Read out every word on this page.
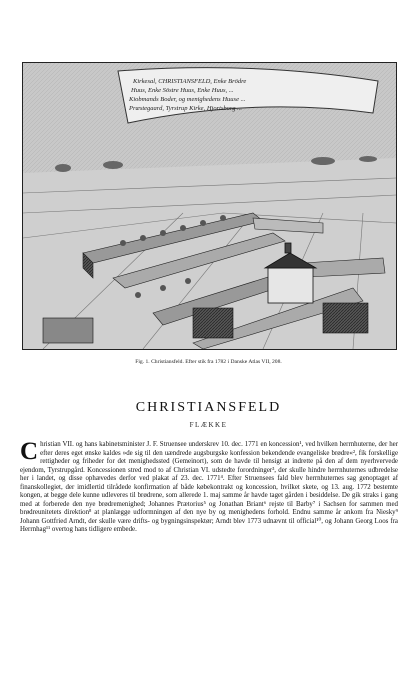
Kirkesal, CHRISTIANSFELD, Enke Brödre
Huus, Enke Söstre Huus, Enke Huus, ...
Kiobmands Boder, og menighedens Huuse ...
Præstegaard, Tyrstrup Kirke, Hjortsborg ...
Fig. 1. Christiansfeld. Efter stik fra 1782 i Danske Atlas VII, 208.
CHRISTIANSFELD
FLÆKKE
Christian VII. og hans kabinetsminister J. F. Struensee underskrev 10. dec. 1771 en koncession¹, ved hvilken herrnhuterne, der her efter deres eget ønske kaldes »de sig til den uændrede augsburgske konfession bekendende evangeliske brødre«², fik forskellige rettigheder og friheder for det menighedssted (Gemeinort), som de havde til hensigt at indrette på den af dem nyerhvervede ejendom, Tyrstrupgård. Koncessionen stred mod to af Christian VI. udstedte forordninger³, der skulle hindre herrnhuternes udbredelse her i landet, og disse ophævedes derfor ved plakat af 23. dec. 1771⁴. Efter Struensees fald blev herrnhuternes sag genoptaget af finanskollegiet, der imidlertid tilrådede konfirmation af både købekontrakt og koncession, hvilket skete, og 13. aug. 1772 bestemte kongen, at begge dele kunne udleveres til brødrene, som allerede 1. maj samme år havde taget gården i besiddelse. De gik straks i gang med at forberede den nye brødremenighed; Johannes Prætorius⁵ og Jonathan Briant⁶ rejste til Barby⁷ i Sachsen for sammen med brødreunitetets direktion⁸ at planlægge udformningen af den nye by og menighedens forhold. Endnu samme år ankom fra Niesky⁹ Johann Gottfried Arndt, der skulle være drifts- og bygningsinspektør; Arndt blev 1773 udnævnt til official¹⁰, og Johann Georg Loos fra Herrnhag¹¹ overtog hans tidligere embede.
